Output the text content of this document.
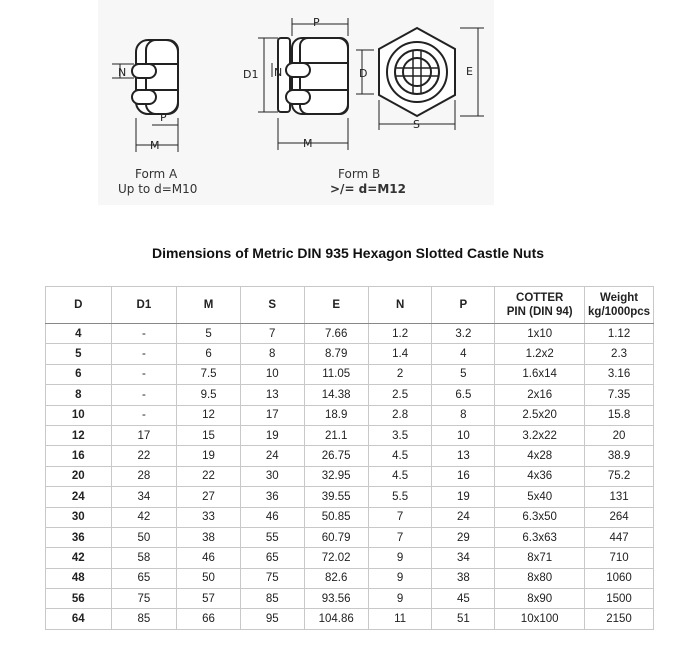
N
P
M
Form A
Up to d=M10
P
D1 N
M
Form B
>/= d=M12
D	E
S
Dimensions of Metric DIN 935 Hexagon Slotted Castle Nuts
D	D1	M	S	E	N	P	COTTER
PIN (DIN 94)	Weight
kg/1000pcs
4	-	5	7	7.66	1.2	3.2	1x10	1.12
5	-	6	8	8.79	1.4	4	1.2x2	2.3
6	-	7.5	10	11.05	2	5	1.6x14	3.16
8	-	9.5	13	14.38	2.5	6.5	2x16	7.35
10	-	12	17	18.9	2.8	8	2.5x20	15.8
12	17	15	19	21.1	3.5	10	3.2x22	20
16	22	19	24	26.75	4.5	13	4x28	38.9
20	28	22	30	32.95	4.5	16	4x36	75.2
24	34	27	36	39.55	5.5	19	5x40	131
30	42	33	46	50.85	7	24	6.3x50	264
36	50	38	55	60.79	7	29	6.3x63	447
42	58	46	65	72.02	9	34	8x71	710
48	65	50	75	82.6	9	38	8x80	1060
56	75	57	85	93.56	9	45	8x90	1500
64	85	66	95	104.86	11	51	10x100	2150
